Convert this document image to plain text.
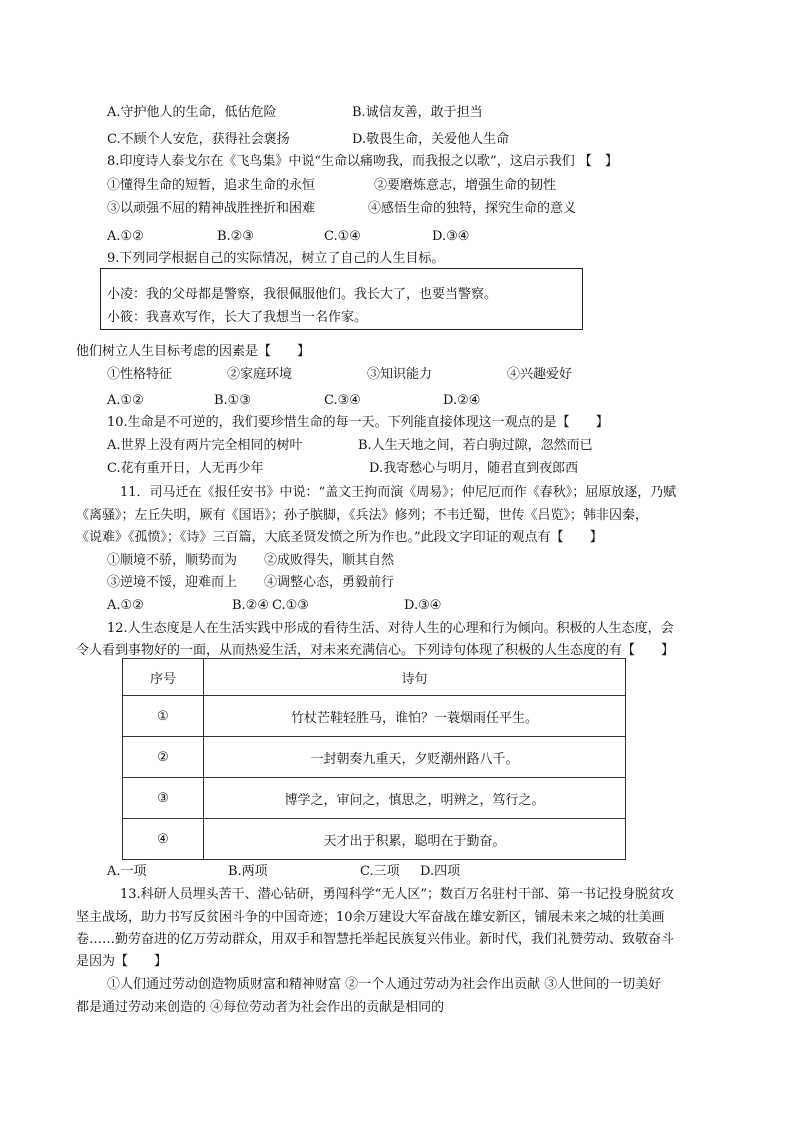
A.守护他人的生命，低估危险	B.诚信友善，敢于担当
C.不顾个人安危，获得社会褒扬	D.敬畏生命，关爱他人生命
8.印度诗人泰戈尔在《飞鸟集》中说“生命以痛吻我，而我报之以歌”，这启示我们 【　】
①懂得生命的短暂，追求生命的永恒	②要磨炼意志，增强生命的韧性
③以顽强不屈的精神战胜挫折和困难	④感悟生命的独特，探究生命的意义
A.①②	B.②③	C.①④	D.③④
9.下列同学根据自己的实际情况，树立了自己的人生目标。
小凌：我的父母都是警察，我很佩服他们。我长大了，也要当警察。
小筱：我喜欢写作，长大了我想当一名作家。
他们树立人生目标考虑的因素是【　　】
①性格特征	②家庭环境	③知识能力	④兴趣爱好
A.①②	B.①③	C.③④	D.②④
10.生命是不可逆的，我们要珍惜生命的每一天。下列能直接体现这一观点的是【　　】
A.世界上没有两片完全相同的树叶	B.人生天地之间，若白驹过隙，忽然而已
C.花有重开日，人无再少年	D.我寄愁心与明月，随君直到夜郎西
11．司马迁在《报任安书》中说：“盖文王拘而演《周易》；仲尼厄而作《春秋》；屈原放逐，乃赋
《离骚》；左丘失明，厥有《国语》；孙子膑脚，《兵法》修列；不韦迁蜀，世传《吕览》；韩非囚秦，
《说难》《孤愤》；《诗》三百篇，大底圣贤发愤之所为作也。”此段文字印证的观点有【　　】
①顺境不骄，顺势而为 ②成败得失，顺其自然
③逆境不馁，迎难而上 ④调整心态，勇毅前行
A.①②	B.②④ C.①③	D.③④
12.人生态度是人在生活实践中形成的看待生活、对待人生的心理和行为倾向。积极的人生态度，会
令人看到事物好的一面，从而热爱生活，对未来充满信心。下列诗句体现了积极的人生态度的有【　　】
序号	诗句
①	竹杖芒鞋轻胜马，谁怕？一蓑烟雨任平生。
②	一封朝奏九重天，夕贬潮州路八千。
③	博学之，审问之，慎思之，明辨之，笃行之。
④	天才出于积累，聪明在于勤奋。
A.一项	B.两项	C.三项 D.四项
13.科研人员埋头苦干、潜心钻研，勇闯科学“无人区”；数百万名驻村干部、第一书记投身脱贫攻
坚主战场，助力书写反贫困斗争的中国奇迹；10余万建设大军奋战在雄安新区，铺展未来之城的壮美画
卷……勤劳奋进的亿万劳动群众，用双手和智慧托举起民族复兴伟业。新时代，我们礼赞劳动、致敬奋斗
是因为【　　】
①人们通过劳动创造物质财富和精神财富 ②一个人通过劳动为社会作出贡献 ③人世间的一切美好
都是通过劳动来创造的 ④每位劳动者为社会作出的贡献是相同的
